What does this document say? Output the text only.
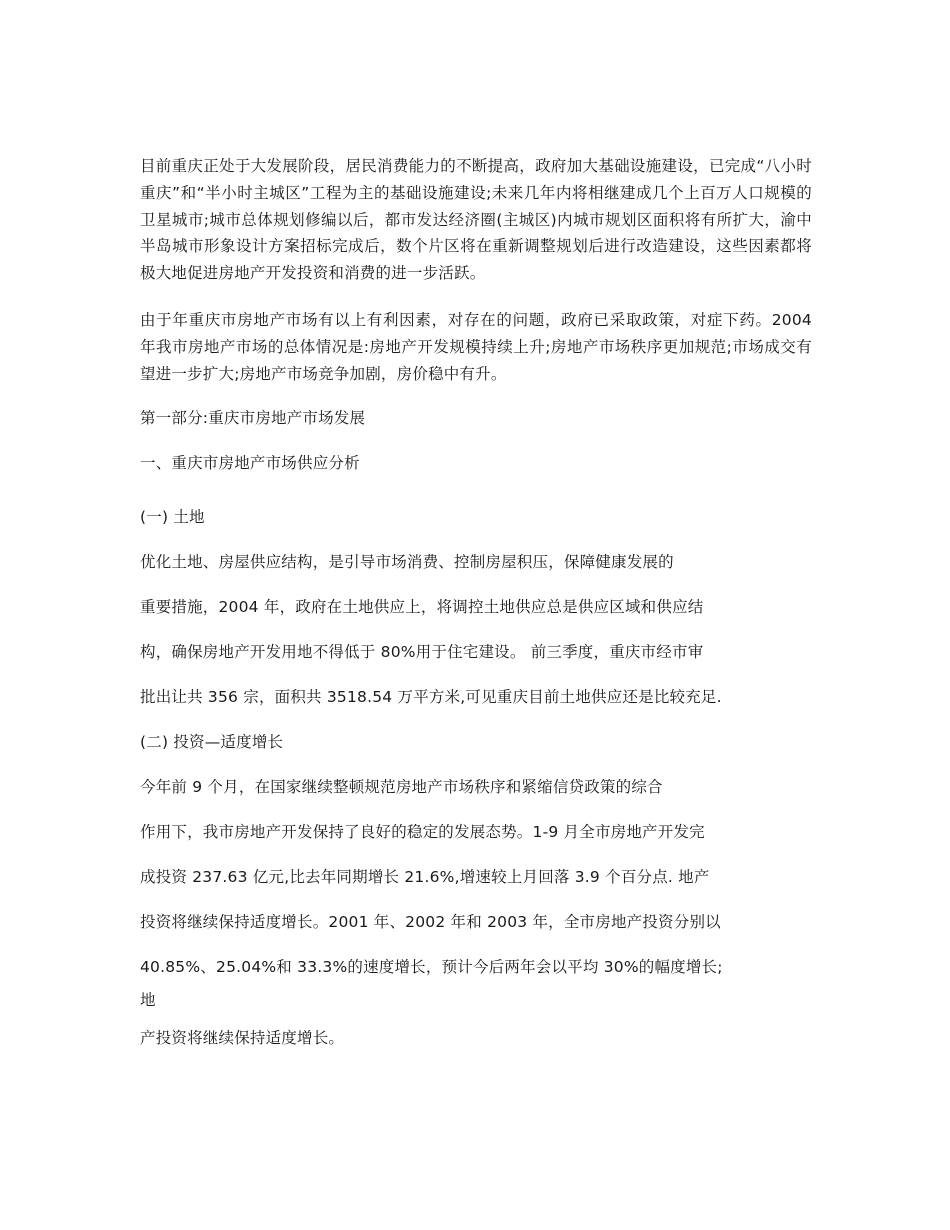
目前重庆正处于大发展阶段，居民消费能力的不断提高，政府加大基础设施建设，已完成“八小时重庆”和“半小时主城区”工程为主的基础设施建设;未来几年内将相继建成几个上百万人口规模的卫星城市;城市总体规划修编以后，都市发达经济圈(主城区)内城市规划区面积将有所扩大，渝中半岛城市形象设计方案招标完成后，数个片区将在重新调整规划后进行改造建设，这些因素都将极大地促进房地产开发投资和消费的进一步活跃。

由于年重庆市房地产市场有以上有利因素，对存在的问题，政府已采取政策，对症下药。2004 年我市房地产市场的总体情况是:房地产开发规模持续上升;房地产市场秩序更加规范;市场成交有望进一步扩大;房地产市场竞争加剧，房价稳中有升。

第一部分:重庆市房地产市场发展

一、重庆市房地产市场供应分析

(一) 土地

优化土地、房屋供应结构，是引导市场消费、控制房屋积压，保障健康发展的

重要措施，2004 年，政府在土地供应上，将调控土地供应总是供应区域和供应结

构，确保房地产开发用地不得低于 80%用于住宅建设。 前三季度，重庆市经市审

批出让共 356 宗，面积共 3518.54 万平方米,可见重庆目前土地供应还是比较充足.

(二) 投资—适度增长

今年前 9 个月，在国家继续整顿规范房地产市场秩序和紧缩信贷政策的综合

作用下，我市房地产开发保持了良好的稳定的发展态势。1-9 月全市房地产开发完

成投资 237.63 亿元,比去年同期增长 21.6%,增速较上月回落 3.9 个百分点. 地产

投资将继续保持适度增长。2001 年、2002 年和 2003 年，全市房地产投资分别以

40.85%、25.04%和 33.3%的速度增长，预计今后两年会以平均 30%的幅度增长;

地

产投资将继续保持适度增长。
